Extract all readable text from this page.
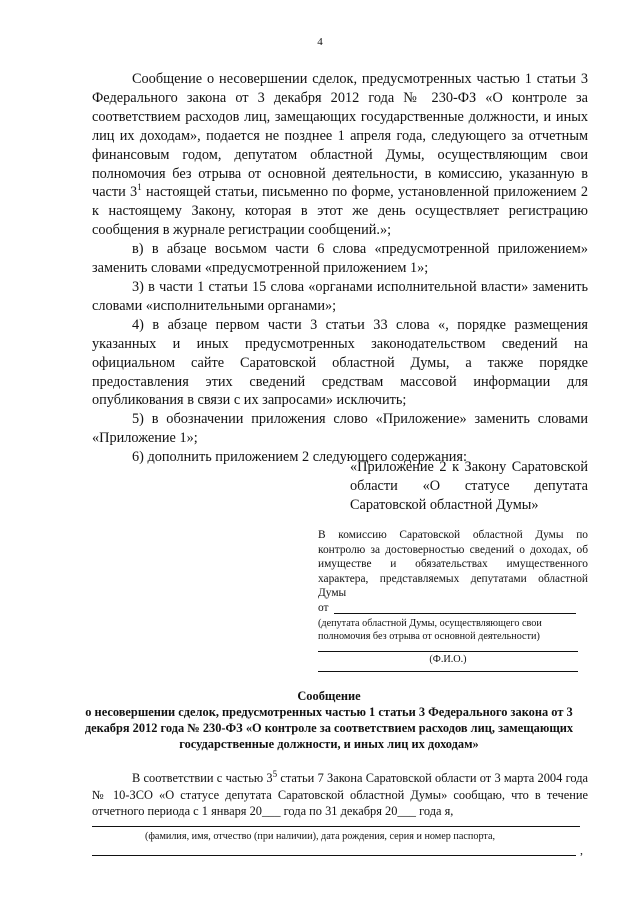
4

Сообщение о несовершении сделок, предусмотренных частью 1 статьи 3 Федерального закона от 3 декабря 2012 года № 230-ФЗ «О контроле за соответствием расходов лиц, замещающих государственные должности, и иных лиц их доходам», подается не позднее 1 апреля года, следующего за отчетным финансовым годом, депутатом областной Думы, осуществляющим свои полномочия без отрыва от основной деятельности, в комиссию, указанную в части $3^1$ настоящей статьи, письменно по форме, установленной приложением 2 к настоящему Закону, которая в этот же день осуществляет регистрацию сообщения в журнале регистрации сообщений.»;

в) в абзаце восьмом части 6 слова «предусмотренной приложением» заменить словами «предусмотренной приложением 1»;

3) в части 1 статьи 15 слова «органами исполнительной власти» заменить словами «исполнительными органами»;

4) в абзаце первом части 3 статьи 33 слова «, порядке размещения указанных и иных предусмотренных законодательством сведений на официальном сайте Саратовской областной Думы, а также порядке предоставления этих сведений средствам массовой информации для опубликования в связи с их запросами» исключить;

5) в обозначении приложения слово «Приложение» заменить словами «Приложение 1»;

6) дополнить приложением 2 следующего содержания:

«Приложение 2 к Закону Саратовской области «О статусе депутата Саратовской областной Думы»
В комиссию Саратовской областной Думы по контролю за достоверностью сведений о доходах, об имуществе и обязательствах имущественного характера, представляемых депутатами областной Думы
от
(депутата областной Думы, осуществляющего свои полномочия без отрыва от основной деятельности)
(Ф.И.О.)
Сообщение
о несовершении сделок, предусмотренных частью 1 статьи 3 Федерального закона от 3 декабря 2012 года № 230-ФЗ «О контроле за соответствием расходов лиц, замещающих государственные должности, и иных лиц их доходам»

В соответствии с частью $3^5$ статьи 7 Закона Саратовской области от 3 марта 2004 года № 10-ЗСО «О статусе депутата Саратовской областной Думы» сообщаю, что в течение отчетного периода с 1 января 20___ года по 31 декабря 20___ года я,

(фамилия, имя, отчество (при наличии), дата рождения, серия и номер паспорта,
,
